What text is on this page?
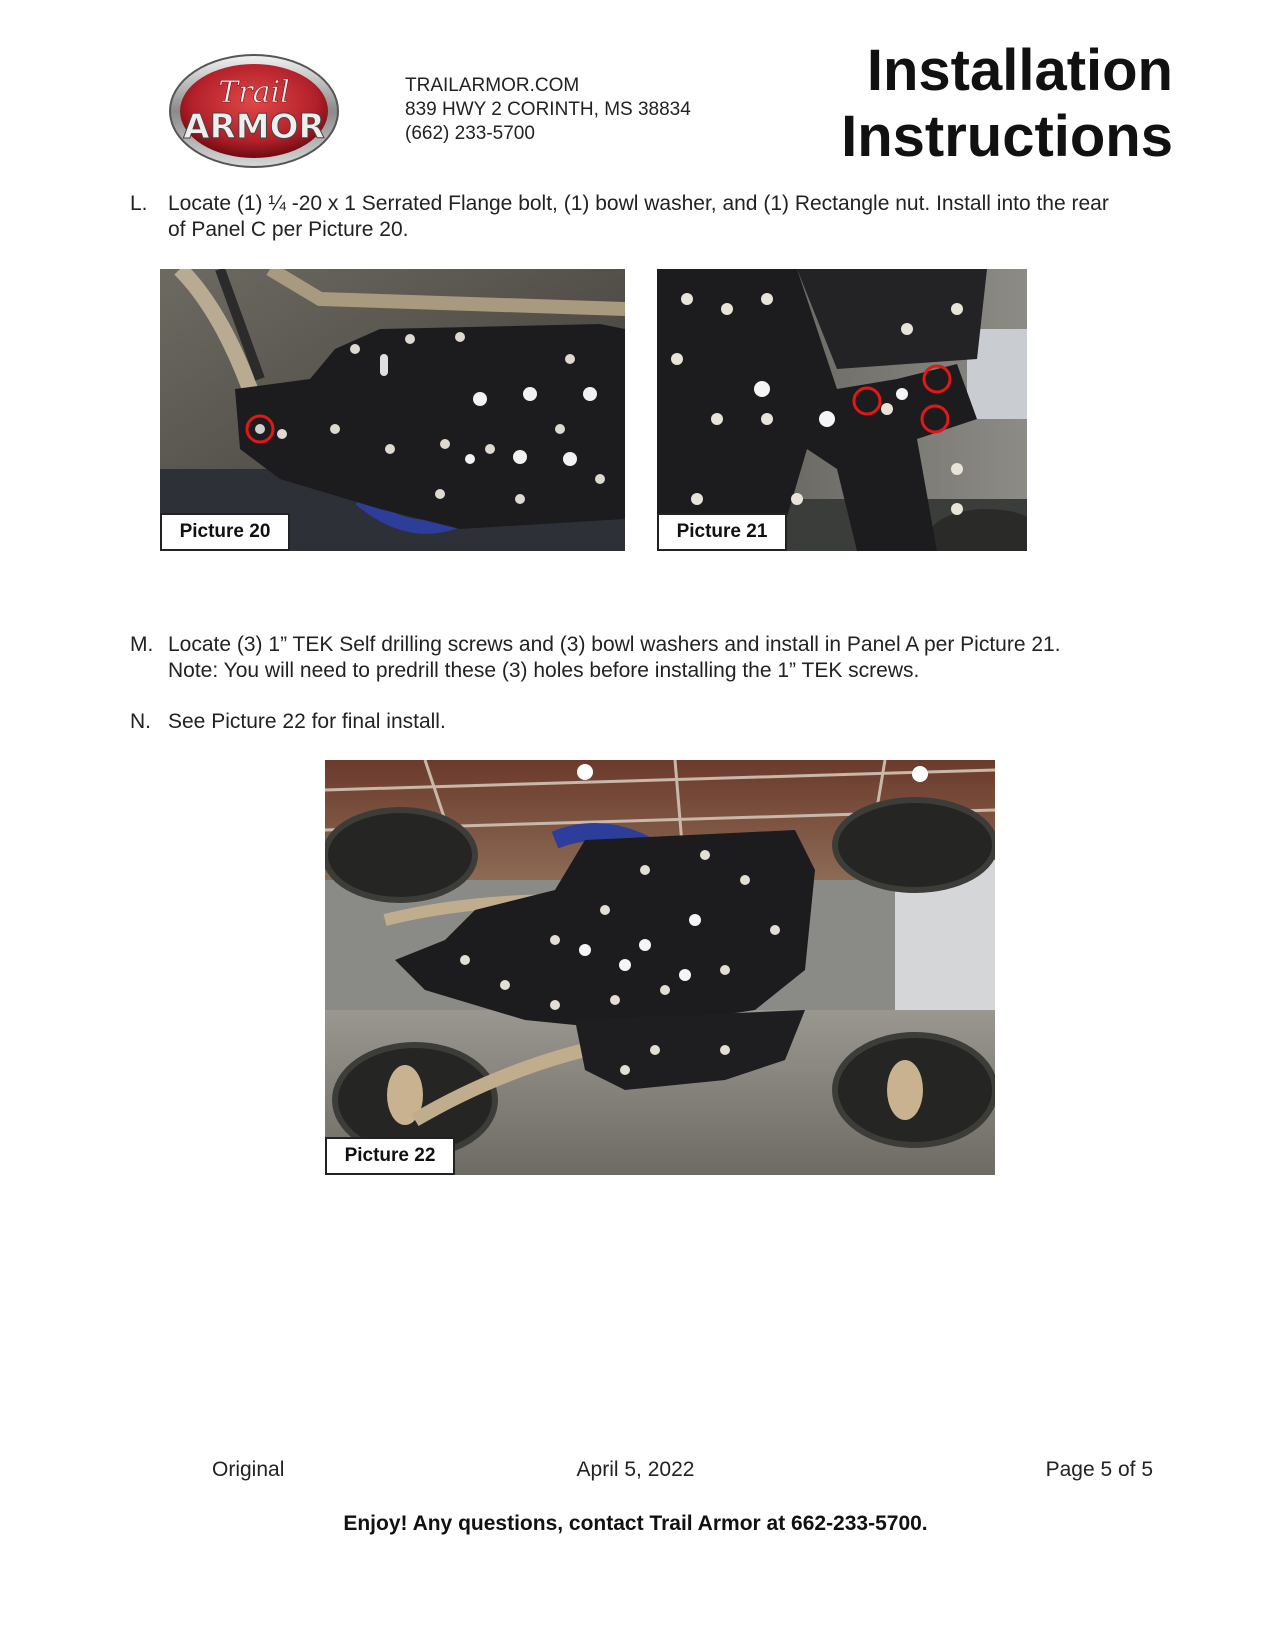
Trail
ARMOR
TRAILARMOR.COM
839 HWY 2 CORINTH, MS 38834
(662) 233-5700
Installation
Instructions
L. Locate (1) ¼ -20 x 1 Serrated Flange bolt, (1) bowl washer, and (1) Rectangle nut. Install into the rear
of Panel C per Picture 20.
Picture 20	Picture 21
M. Locate (3) 1” TEK Self drilling screws and (3) bowl washers and install in Panel A per Picture 21.
Note: You will need to predrill these (3) holes before installing the 1” TEK screws.
N. See Picture 22 for final install.
Picture 22
Original	April 5, 2022	Page 5 of 5
Enjoy! Any questions, contact Trail Armor at 662-233-5700.
